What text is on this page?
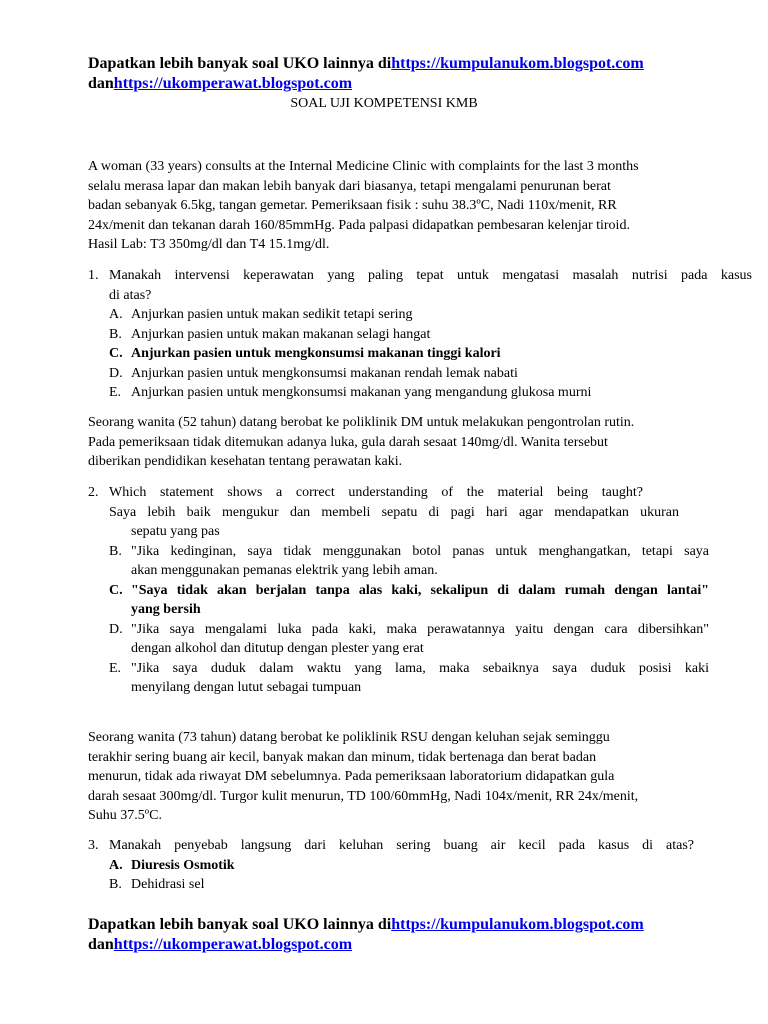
Dapatkan lebih banyak soal UKO lainnya dihttps://kumpulanukom.blogspot.com
danhttps://ukomperawat.blogspot.com
SOAL UJI KOMPETENSI KMB
A woman (33 years) consults at the Internal Medicine Clinic with complaints for the last 3 months
selalu merasa lapar dan makan lebih banyak dari biasanya, tetapi mengalami penurunan berat
badan sebanyak 6.5kg, tangan gemetar. Pemeriksaan fisik : suhu 38.3ºC, Nadi 110x/menit, RR
24x/menit dan tekanan darah 160/85mmHg. Pada palpasi didapatkan pembesaran kelenjar tiroid.
Hasil Lab: T3 350mg/dl dan T4 15.1mg/dl.
1. Manakah intervensi keperawatan yang paling tepat untuk mengatasi masalah nutrisi pada kasus
di atas?
A. Anjurkan pasien untuk makan sedikit tetapi sering
B. Anjurkan pasien untuk makan makanan selagi hangat
C. Anjurkan pasien untuk mengkonsumsi makanan tinggi kalori
D. Anjurkan pasien untuk mengkonsumsi makanan rendah lemak nabati
E. Anjurkan pasien untuk mengkonsumsi makanan yang mengandung glukosa murni
Seorang wanita (52 tahun) datang berobat ke poliklinik DM untuk melakukan pengontrolan rutin.
Pada pemeriksaan tidak ditemukan adanya luka, gula darah sesaat 140mg/dl. Wanita tersebut
diberikan pendidikan kesehatan tentang perawatan kaki.
2. Which statement shows a correct understanding of the material being taught?
Saya lebih baik mengukur dan membeli sepatu di pagi hari agar mendapatkan ukuran
sepatu yang pas
B. "Jika kedinginan, saya tidak menggunakan botol panas untuk menghangatkan, tetapi saya
akan menggunakan pemanas elektrik yang lebih aman.
C. "Saya tidak akan berjalan tanpa alas kaki, sekalipun di dalam rumah dengan lantai"
yang bersih
D. "Jika saya mengalami luka pada kaki, maka perawatannya yaitu dengan cara dibersihkan"
dengan alkohol dan ditutup dengan plester yang erat
E. "Jika saya duduk dalam waktu yang lama, maka sebaiknya saya duduk posisi kaki
menyilang dengan lutut sebagai tumpuan
Seorang wanita (73 tahun) datang berobat ke poliklinik RSU dengan keluhan sejak seminggu
terakhir sering buang air kecil, banyak makan dan minum, tidak bertenaga dan berat badan
menurun, tidak ada riwayat DM sebelumnya. Pada pemeriksaan laboratorium didapatkan gula
darah sesaat 300mg/dl. Turgor kulit menurun, TD 100/60mmHg, Nadi 104x/menit, RR 24x/menit,
Suhu 37.5ºC.
3. Manakah penyebab langsung dari keluhan sering buang air kecil pada kasus di atas?
A. Diuresis Osmotik
B. Dehidrasi sel
Dapatkan lebih banyak soal UKO lainnya dihttps://kumpulanukom.blogspot.com
danhttps://ukomperawat.blogspot.com
